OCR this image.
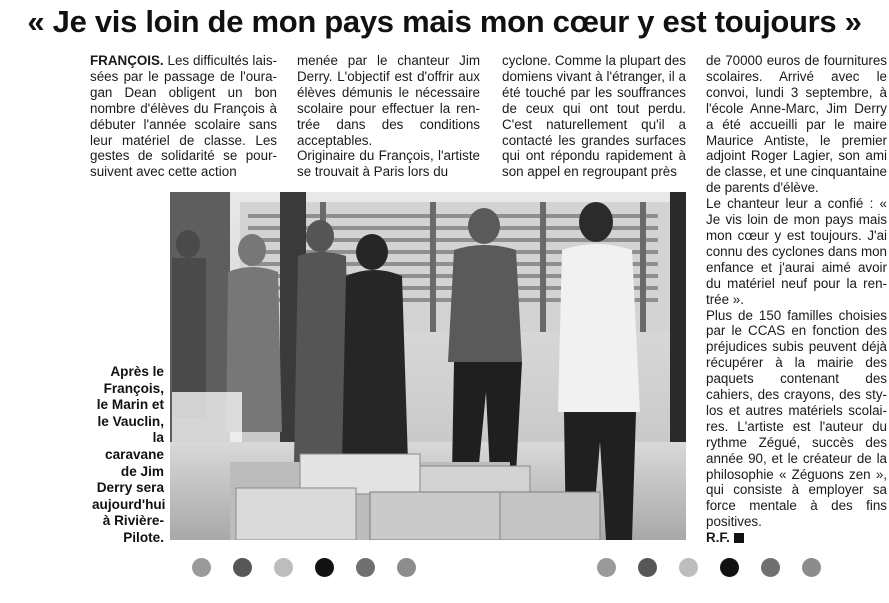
« Je vis loin de mon pays mais mon cœur y est toujours »

FRANÇOIS. Les difficultés laissées par le passage de l'ouragan Dean obligent un bon nombre d'élèves du François à débuter l'année scolaire sans leur matériel de classe. Les gestes de solidarité se poursuivent avec cette action

menée par le chanteur Jim Derry. L'objectif est d'offrir aux élèves démunis le nécessaire scolaire pour effectuer la rentrée dans des conditions acceptables.

Originaire du François, l'artiste se trouvait à Paris lors du

cyclone. Comme la plupart des domiens vivant à l'étranger, il a été touché par les souffrances de ceux qui ont tout perdu. C'est naturellement qu'il a contacté les grandes surfaces qui ont répondu rapidement à son appel en regroupant près

de 70000 euros de fournitures scolaires. Arrivé avec le convoi, lundi 3 septembre, à l'école Anne-Marc, Jim Derry a été accueilli par le maire Maurice Antiste, le premier adjoint Roger Lagier, son ami de classe, et une cinquantaine de parents d'élève.

Le chanteur leur a confié : « Je vis loin de mon pays mais mon cœur y est toujours. J'ai connu des cyclones dans mon enfance et j'aurai aimé avoir du matériel neuf pour la rentrée ».

Plus de 150 familles choisies par le CCAS en fonction des préjudices subis peuvent déjà récupérer à la mairie des paquets contenant des cahiers, des crayons, des stylos et autres matériels scolaires. L'artiste est l'auteur du rythme Zégué, succès des année 90, et le créateur de la philosophie « Zéguons zen », qui consiste à employer sa force mentale à des fins positives.

R.F.

Après le François, le Marin et le Vauclin, la caravane de Jim Derry sera aujourd'hui à Rivière-Pilote.
